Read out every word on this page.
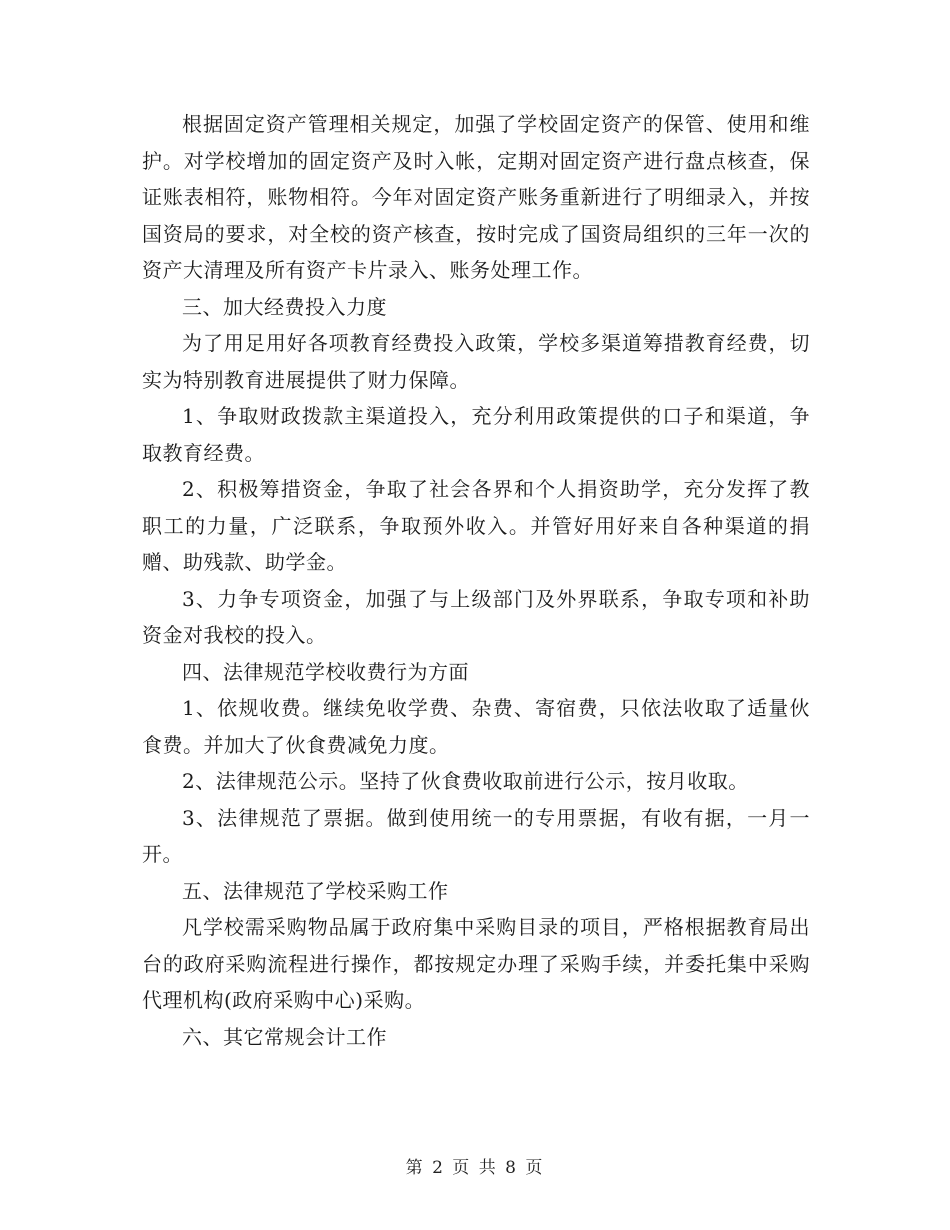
根据固定资产管理相关规定，加强了学校固定资产的保管、使用和维护。对学校增加的固定资产及时入帐，定期对固定资产进行盘点核查，保证账表相符，账物相符。今年对固定资产账务重新进行了明细录入，并按国资局的要求，对全校的资产核查，按时完成了国资局组织的三年一次的资产大清理及所有资产卡片录入、账务处理工作。

三、加大经费投入力度

为了用足用好各项教育经费投入政策，学校多渠道筹措教育经费，切实为特别教育进展提供了财力保障。

1、争取财政拨款主渠道投入，充分利用政策提供的口子和渠道，争取教育经费。

2、积极筹措资金，争取了社会各界和个人捐资助学，充分发挥了教职工的力量，广泛联系，争取预外收入。并管好用好来自各种渠道的捐赠、助残款、助学金。

3、力争专项资金，加强了与上级部门及外界联系，争取专项和补助资金对我校的投入。

四、法律规范学校收费行为方面

1、依规收费。继续免收学费、杂费、寄宿费，只依法收取了适量伙食费。并加大了伙食费减免力度。

2、法律规范公示。坚持了伙食费收取前进行公示，按月收取。

3、法律规范了票据。做到使用统一的专用票据，有收有据，一月一开。

五、法律规范了学校采购工作

凡学校需采购物品属于政府集中采购目录的项目，严格根据教育局出台的政府采购流程进行操作，都按规定办理了采购手续，并委托集中采购代理机构(政府采购中心)采购。

六、其它常规会计工作

第 2 页 共 8 页
